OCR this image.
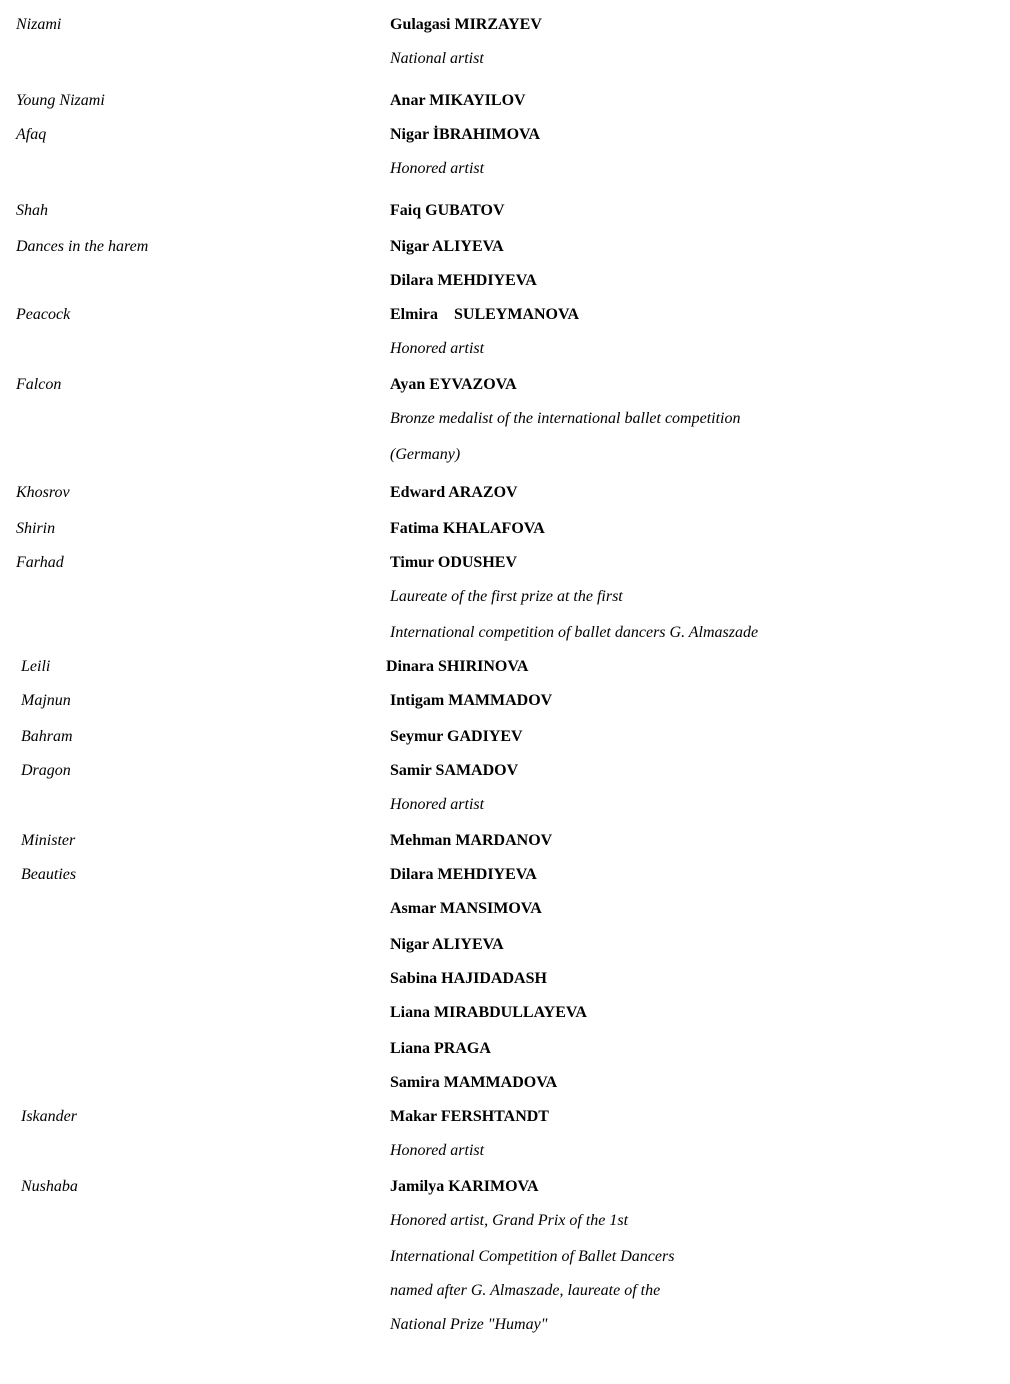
Nizami	Gulagasi MIRZAYEV
National artist
Young Nizami	Anar MIKAYILOV
Afaq	Nigar İBRAHIMOVA
Honored artist
Shah	Faiq GUBATOV
Dances in the harem	Nigar ALIYEVA
Dilara MEHDIYEVA
Peacock	Elmira    SULEYMANOVA
Honored artist
Falcon	Ayan EYVAZOVA
Bronze medalist of the international ballet competition
(Germany)
Khosrov	Edward ARAZOV
Shirin	Fatima KHALAFOVA
Farhad	Timur ODUSHEV
Laureate of the first prize at the first
International competition of ballet dancers G. Almaszade
Leili	Dinara SHIRINOVA
Majnun	Intigam MAMMADOV
Bahram	Seymur GADIYEV
Dragon	Samir SAMADOV
Honored artist
Minister	Mehman MARDANOV
Beauties	Dilara MEHDIYEVA
Asmar MANSIMOVA
Nigar ALIYEVA
Sabina HAJIDADASH
Liana MIRABDULLAYEVA
Liana PRAGA
Samira MAMMADOVA
Iskander	Makar FERSHTANDT
Honored artist
Nushaba	Jamilya KARIMOVA
Honored artist, Grand Prix of the 1st
International Competition of Ballet Dancers
named after G. Almaszade, laureate of the
National Prize "Humay"
